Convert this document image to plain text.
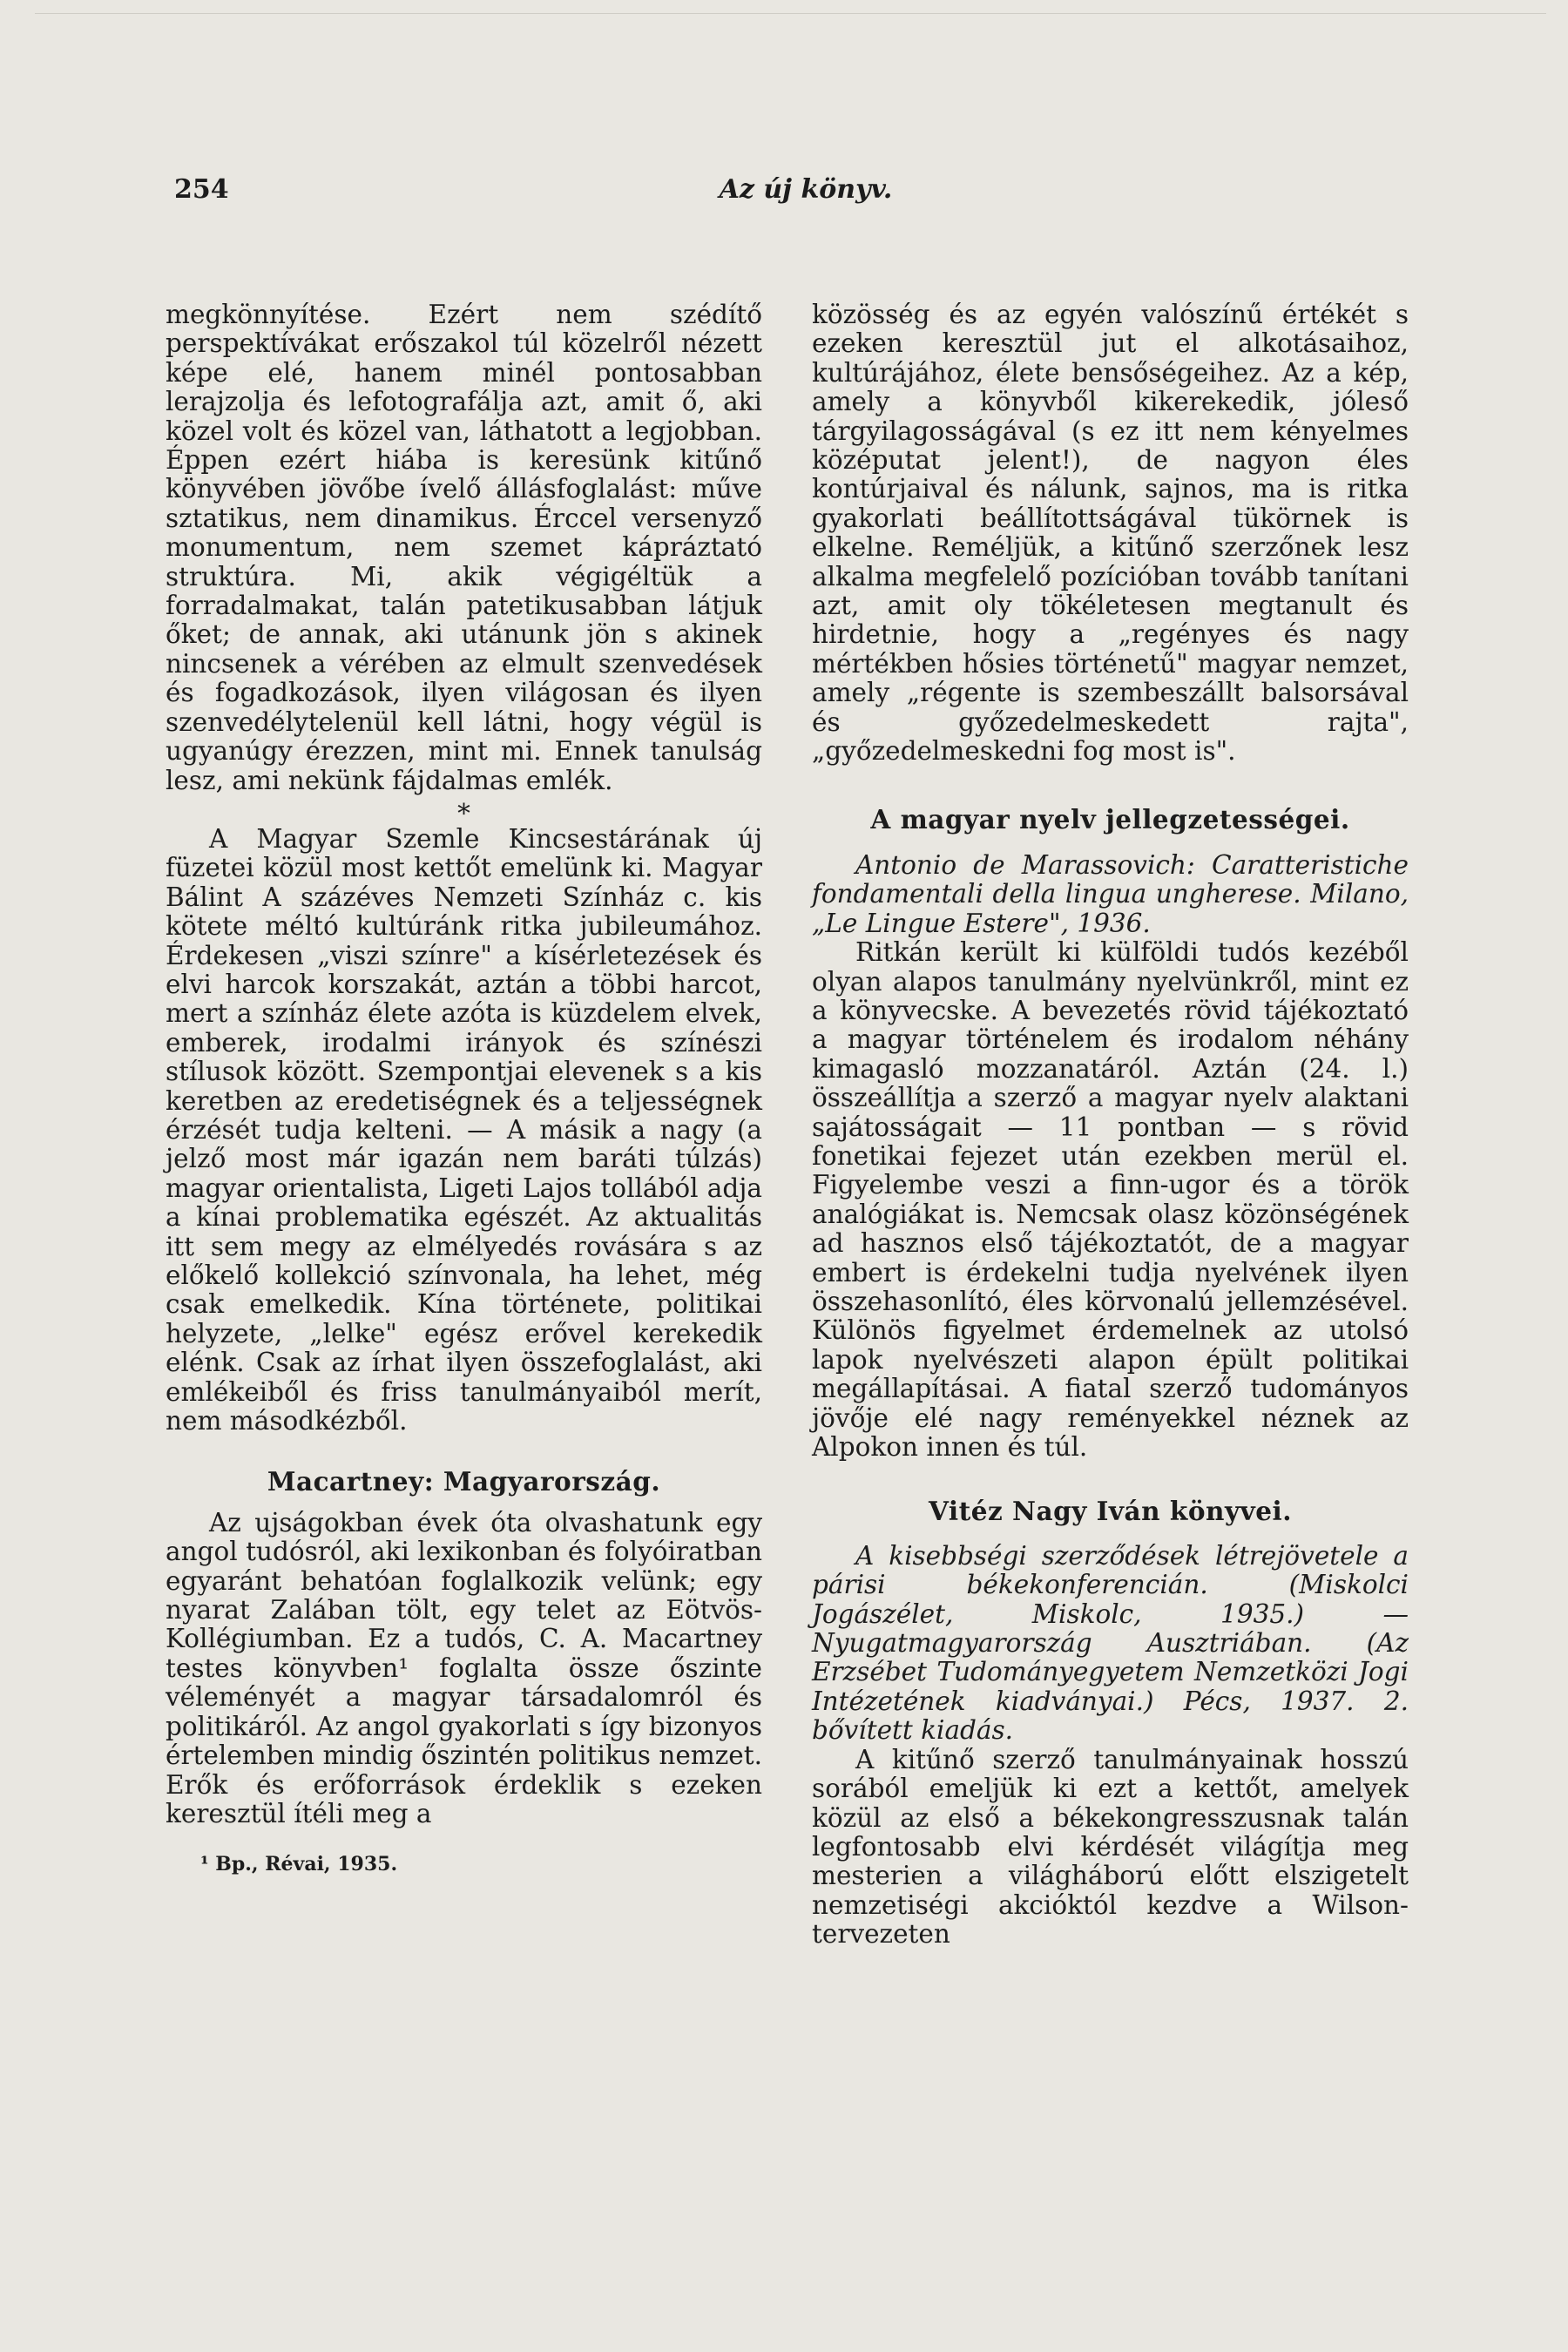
254	Az új könyv.

megkönnyítése. Ezért nem szédítő perspektívákat erőszakol túl közelről nézett képe elé, hanem minél pontosabban lerajzolja és lefotografálja azt, amit ő, aki közel volt és közel van, láthatott a legjobban. Éppen ezért hiába is keresünk kitűnő könyvében jövőbe ívelő állásfoglalást: műve sztatikus, nem dinamikus. Érccel versenyző monumentum, nem szemet kápráztató struktúra. Mi, akik végigéltük a forradalmakat, talán patetikusabban látjuk őket; de annak, aki utánunk jön s akinek nincsenek a vérében az elmult szenvedések és fogadkozások, ilyen világosan és ilyen szenvedélytelenül kell látni, hogy végül is ugyanúgy érezzen, mint mi. Ennek tanulság lesz, ami nekünk fájdalmas emlék.

*

A Magyar Szemle Kincsestárának új füzetei közül most kettőt emelünk ki. Magyar Bálint A százéves Nemzeti Színház c. kis kötete méltó kultúránk ritka jubileumához. Érdekesen „viszi színre" a kísérletezések és elvi harcok korszakát, aztán a többi harcot, mert a színház élete azóta is küzdelem elvek, emberek, irodalmi irányok és színészi stílusok között. Szempontjai elevenek s a kis keretben az eredetiségnek és a teljességnek érzését tudja kelteni. — A másik a nagy (a jelző most már igazán nem baráti túlzás) magyar orientalista, Ligeti Lajos tollából adja a kínai problematika egészét. Az aktualitás itt sem megy az elmélyedés rovására s az előkelő kollekció színvonala, ha lehet, még csak emelkedik. Kína története, politikai helyzete, „lelke" egész erővel kerekedik elénk. Csak az írhat ilyen összefoglalást, aki emlékeiből és friss tanulmányaiból merít, nem másodkézből.

Macartney: Magyarország.

Az ujságokban évek óta olvashatunk egy angol tudósról, aki lexikonban és folyóiratban egyaránt behatóan foglalkozik velünk; egy nyarat Zalában tölt, egy telet az Eötvös-Kollégiumban. Ez a tudós, C. A. Macartney testes könyvben¹ foglalta össze őszinte véleményét a magyar társadalomról és politikáról. Az angol gyakorlati s így bizonyos értelemben mindig őszintén politikus nemzet. Erők és erőforrások érdeklik s ezeken keresztül ítéli meg a

¹ Bp., Révai, 1935.

közösség és az egyén valószínű értékét s ezeken keresztül jut el alkotásaihoz, kultúrájához, élete bensőségeihez. Az a kép, amely a könyvből kikerekedik, jóleső tárgyilagosságával (s ez itt nem kényelmes középutat jelent!), de nagyon éles kontúrjaival és nálunk, sajnos, ma is ritka gyakorlati beállítottságával tükörnek is elkelne. Reméljük, a kitűnő szerzőnek lesz alkalma megfelelő pozícióban tovább tanítani azt, amit oly tökéletesen megtanult és hirdetnie, hogy a „regényes és nagy mértékben hősies történetű" magyar nemzet, amely „régente is szembeszállt balsorsával és győzedelmeskedett rajta", „győzedelmeskedni fog most is".

A magyar nyelv jellegzetességei.

Antonio de Marassovich: Caratteristiche fondamentali della lingua ungherese. Milano, „Le Lingue Estere", 1936.

Ritkán került ki külföldi tudós kezéből olyan alapos tanulmány nyelvünkről, mint ez a könyvecske. A bevezetés rövid tájékoztató a magyar történelem és irodalom néhány kimagasló mozzanatáról. Aztán (24. l.) összeállítja a szerző a magyar nyelv alaktani sajátosságait — 11 pontban — s rövid fonetikai fejezet után ezekben merül el. Figyelembe veszi a finn-ugor és a török analógiákat is. Nemcsak olasz közönségének ad hasznos első tájékoztatót, de a magyar embert is érdekelni tudja nyelvének ilyen összehasonlító, éles körvonalú jellemzésével. Különös figyelmet érdemelnek az utolsó lapok nyelvészeti alapon épült politikai megállapításai. A fiatal szerző tudományos jövője elé nagy reményekkel néznek az Alpokon innen és túl.

Vitéz Nagy Iván könyvei.

A kisebbségi szerződések létrejövetele a párisi békekonferencián. (Miskolci Jogászélet, Miskolc, 1935.) — Nyugatmagyarország Ausztriában. (Az Erzsébet Tudományegyetem Nemzetközi Jogi Intézetének kiadványai.) Pécs, 1937. 2. bővített kiadás.

A kitűnő szerző tanulmányainak hosszú sorából emeljük ki ezt a kettőt, amelyek közül az első a békekongresszusnak talán legfontosabb elvi kérdését világítja meg mesterien a világháború előtt elszigetelt nemzetiségi akcióktól kezdve a Wilson-tervezeten
